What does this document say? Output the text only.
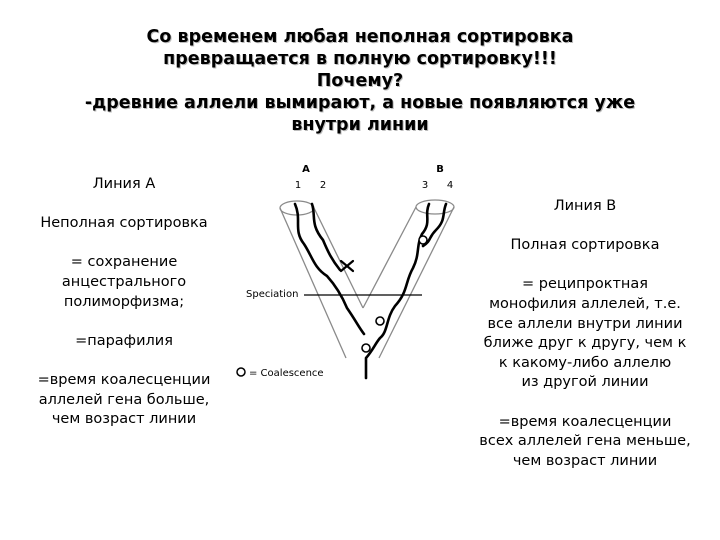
Со временем любая неполная сортировка
превращается в полную сортировку!!!
Почему?
-древние аллели вымирают, а новые появляются уже
внутри линии
Линия А
Неполная сортировка
= сохранение
анцестрального
полиморфизма;
=парафилия
=время коалесценции
аллелей гена больше,
чем возраст линии
Линия В
Полная сортировка
= реципроктная
монофилия аллелей, т.е.
все аллели внутри линии
ближе друг к другу, чем к
к какому-либо аллелю
из другой линии
=время коалесценции
всех аллелей гена меньше,
чем возраст линии
A	B
1 2	3 4
Speciation
= Coalescence
